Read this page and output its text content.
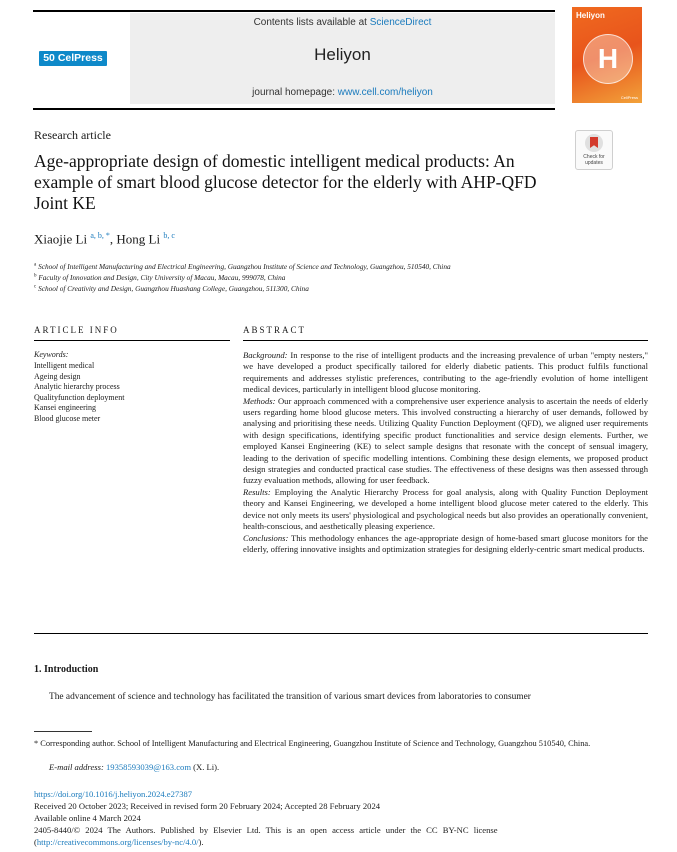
50 CelPress
Contents lists available at ScienceDirect
Heliyon
journal homepage: www.cell.com/heliyon
Heliyon
H
CellPress
Research article
Age-appropriate design of domestic intelligent medical products: An example of smart blood glucose detector for the elderly with AHP-QFD Joint KE
Check for updates
Xiaojie Li $^{a, b, *}$, Hong Li $^{b, c}$
$^a$ School of Intelligent Manufacturing and Electrical Engineering, Guangzhou Institute of Science and Technology, Guangzhou, 510540, China
$^b$ Faculty of Innovation and Design, City University of Macau, Macau, 999078, China
$^c$ School of Creativity and Design, Guangzhou Huashang College, Guangzhou, 511300, China
ARTICLE INFO	ABSTRACT
Keywords:
Intelligent medical
Ageing design
Analytic hierarchy process
Qualityfunction deployment
Kansei engineering
Blood glucose meter

Background: In response to the rise of intelligent products and the increasing prevalence of urban "empty nesters," we have developed a product specifically tailored for elderly diabetic patients. This product fulfils functional requirements and addresses stylistic preferences, contributing to the age-friendly evolution of home intelligent medical devices, particularly in intelligent blood glucose monitoring.

Methods: Our approach commenced with a comprehensive user experience analysis to ascertain the needs of elderly users regarding home blood glucose meters. This involved constructing a hierarchy of user demands, followed by analysing and prioritising these needs. Utilizing Quality Function Deployment (QFD), we aligned user requirements with design specifications, identifying specific product functionalities and service design elements. Further, we employed Kansei Engineering (KE) to select sample designs that resonate with the concept of sensual imagery, leading to the derivation of specific modelling intentions. Combining these design elements, we proposed product design strategies and conducted practical case studies. The effectiveness of these designs was then assessed through fuzzy evaluation methods, allowing for user feedback.

Results: Employing the Analytic Hierarchy Process for goal analysis, along with Quality Function Deployment theory and Kansei Engineering, we developed a home intelligent blood glucose meter catered to the elderly. This device not only meets its users' physiological and psychological needs but also provides an operationally convenient, health-conscious, and aesthetically pleasing experience.

Conclusions: This methodology enhances the age-appropriate design of home-based smart glucose monitors for the elderly, offering innovative insights and optimization strategies for designing elderly-centric smart medical products.

1. Introduction
The advancement of science and technology has facilitated the transition of various smart devices from laboratories to consumer
* Corresponding author. School of Intelligent Manufacturing and Electrical Engineering, Guangzhou Institute of Science and Technology, Guangzhou 510540, China.
E-mail address: 19358593039@163.com (X. Li).
https://doi.org/10.1016/j.heliyon.2024.e27387
Received 20 October 2023; Received in revised form 20 February 2024; Accepted 28 February 2024
Available online 4 March 2024
2405-8440/© 2024 The Authors. Published by Elsevier Ltd. This is an open access article under the CC BY-NC license
(http://creativecommons.org/licenses/by-nc/4.0/).
